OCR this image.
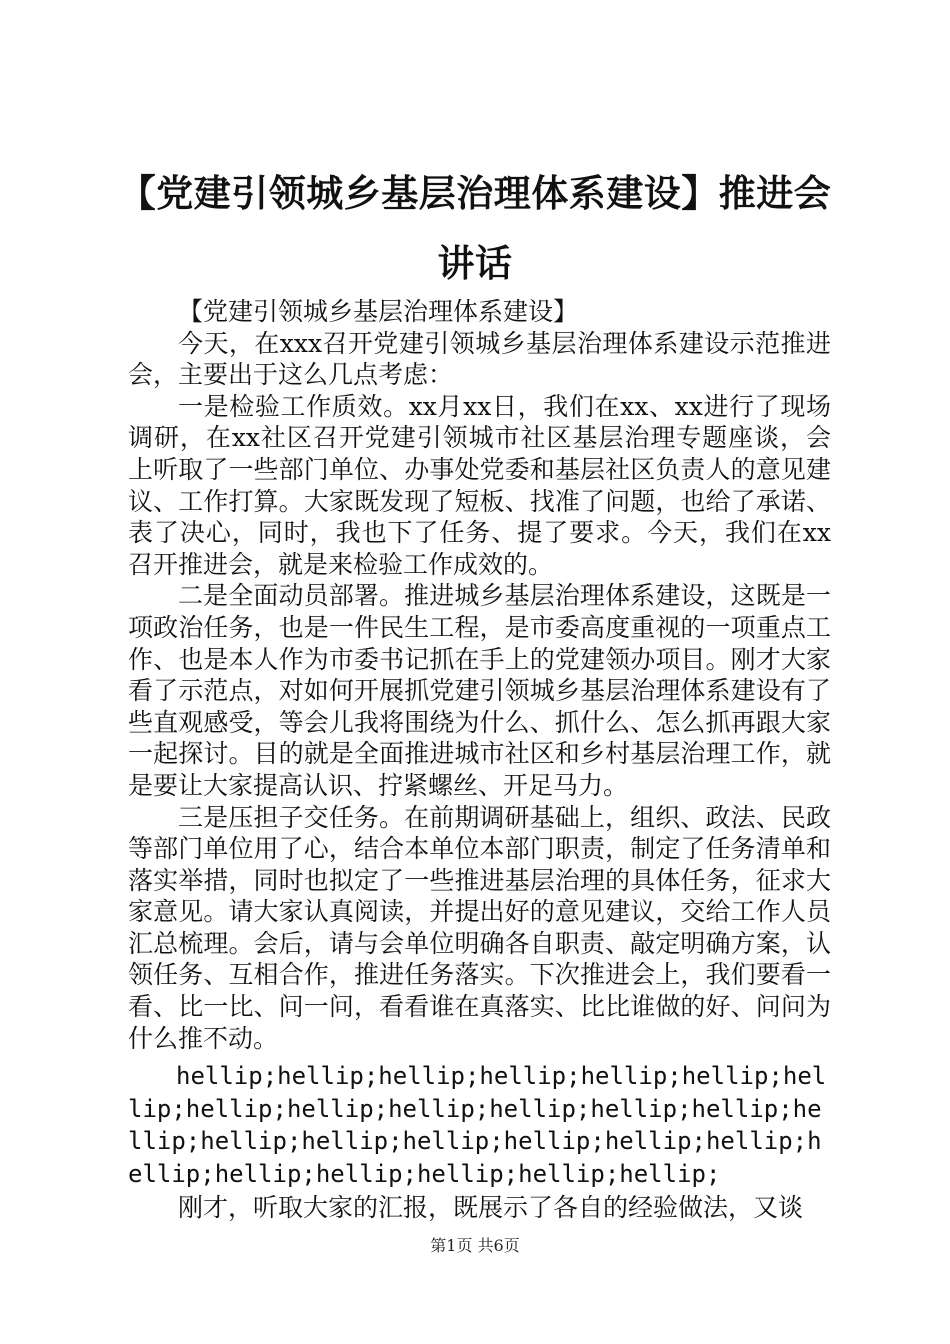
【党建引领城乡基层治理体系建设】推进会讲话

【党建引领城乡基层治理体系建设】

今天，在xxx召开党建引领城乡基层治理体系建设示范推进会，主要出于这么几点考虑：

一是检验工作质效。xx月xx日，我们在xx、xx进行了现场调研，在xx社区召开党建引领城市社区基层治理专题座谈，会上听取了一些部门单位、办事处党委和基层社区负责人的意见建议、工作打算。大家既发现了短板、找准了问题，也给了承诺、表了决心，同时，我也下了任务、提了要求。今天，我们在xx召开推进会，就是来检验工作成效的。

二是全面动员部署。推进城乡基层治理体系建设，这既是一项政治任务，也是一件民生工程，是市委高度重视的一项重点工作、也是本人作为市委书记抓在手上的党建领办项目。刚才大家看了示范点，对如何开展抓党建引领城乡基层治理体系建设有了些直观感受，等会儿我将围绕为什么、抓什么、怎么抓再跟大家一起探讨。目的就是全面推进城市社区和乡村基层治理工作，就是要让大家提高认识、拧紧螺丝、开足马力。

三是压担子交任务。在前期调研基础上，组织、政法、民政等部门单位用了心，结合本单位本部门职责，制定了任务清单和落实举措，同时也拟定了一些推进基层治理的具体任务，征求大家意见。请大家认真阅读，并提出好的意见建议，交给工作人员汇总梳理。会后，请与会单位明确各自职责、敲定明确方案，认领任务、互相合作，推进任务落实。下次推进会上，我们要看一看、比一比、问一问，看看谁在真落实、比比谁做的好、问问为什么推不动。

hellip;hellip;hellip;hellip;hellip;hellip;hellip;hellip;hellip;hellip;hellip;hellip;hellip;hellip;hellip;hellip;hellip;hellip;hellip;hellip;hellip;hellip;hellip;hellip;hellip;hellip;

刚才，听取大家的汇报，既展示了各自的经验做法，又谈

第1页 共6页
